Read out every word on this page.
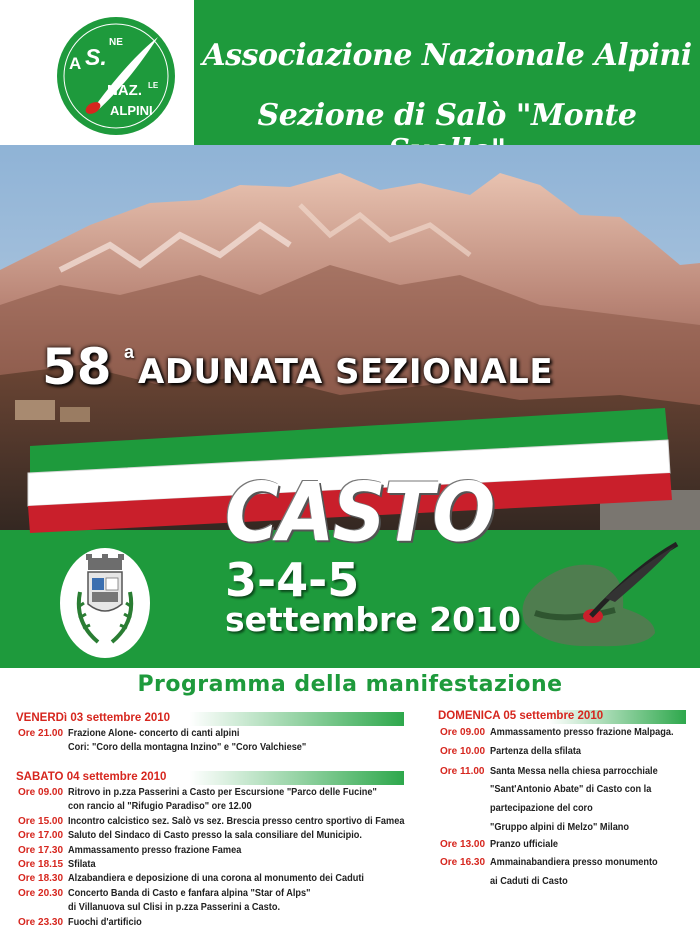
Associazione Nazionale Alpini
Sezione di Salò "Monte
A S.
NE
NAZ. LE
ALPINI
58 a ADUNATA SEZIONALE
CASTO
3-4-5
settembre 2010
Programma della manifestazione
VENERDì 03 settembre 2010
Ore 21.00 Frazione Alone- concerto di canti alpini
Cori: "Coro della montagna Inzino" e "Coro Valchiese"
SABATO 04 settembre 2010
Ore 09.00 Ritrovo in p.zza Passerini a Casto per Escursione "Parco delle Fucine"
con rancio al "Rifugio Paradiso" ore 12.00
Ore 15.00 Incontro calcistico sez. Salò vs sez. Brescia presso centro sportivo di Famea
Ore 17.00 Saluto del Sindaco di Casto presso la sala consiliare del Municipio.
Ore 17.30 Ammassamento presso frazione Famea
Ore 18.15 Sfilata
Ore 18.30 Alzabandiera e deposizione di una corona al monumento dei Caduti
Ore 20.30 Concerto Banda di Casto e fanfara alpina "Star of Alps"
di Villanuova sul Clisi in p.zza Passerini a Casto.
Ore 23.30 Fuochi d'artificio
DOMENICA 05 settembre 2010
Ore 09.00 Ammassamento presso frazione Malpaga.
Ore 10.00 Partenza della sfilata
Ore 11.00 Santa Messa nella chiesa parrocchiale
"Sant'Antonio Abate" di Casto con la
partecipazione del coro
"Gruppo alpini di Melzo" Milano
Ore 13.00 Pranzo ufficiale
Ore 16.30 Ammainabandiera presso monumento
ai Caduti di Casto
